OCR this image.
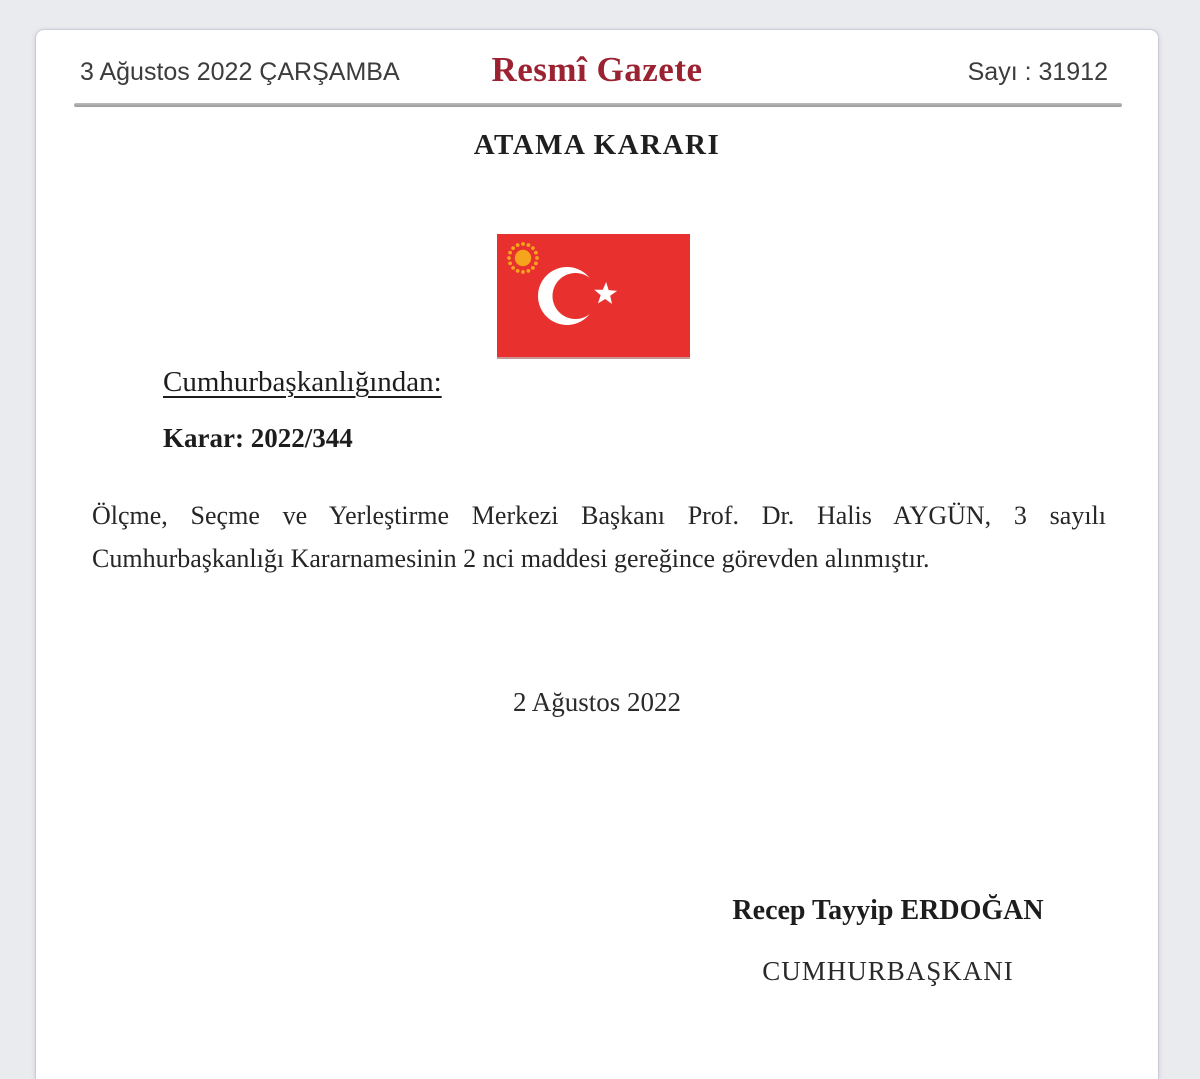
3 Ağustos 2022 ÇARŞAMBA	Resmî Gazete	Sayı : 31912
ATAMA KARARI
Cumhurbaşkanlığından:
Karar: 2022/344
Ölçme, Seçme ve Yerleştirme Merkezi Başkanı Prof. Dr. Halis AYGÜN, 3 sayılı
Cumhurbaşkanlığı Kararnamesinin 2 nci maddesi gereğince görevden alınmıştır.
2 Ağustos 2022
Recep Tayyip ERDOĞAN
CUMHURBAŞKANI
